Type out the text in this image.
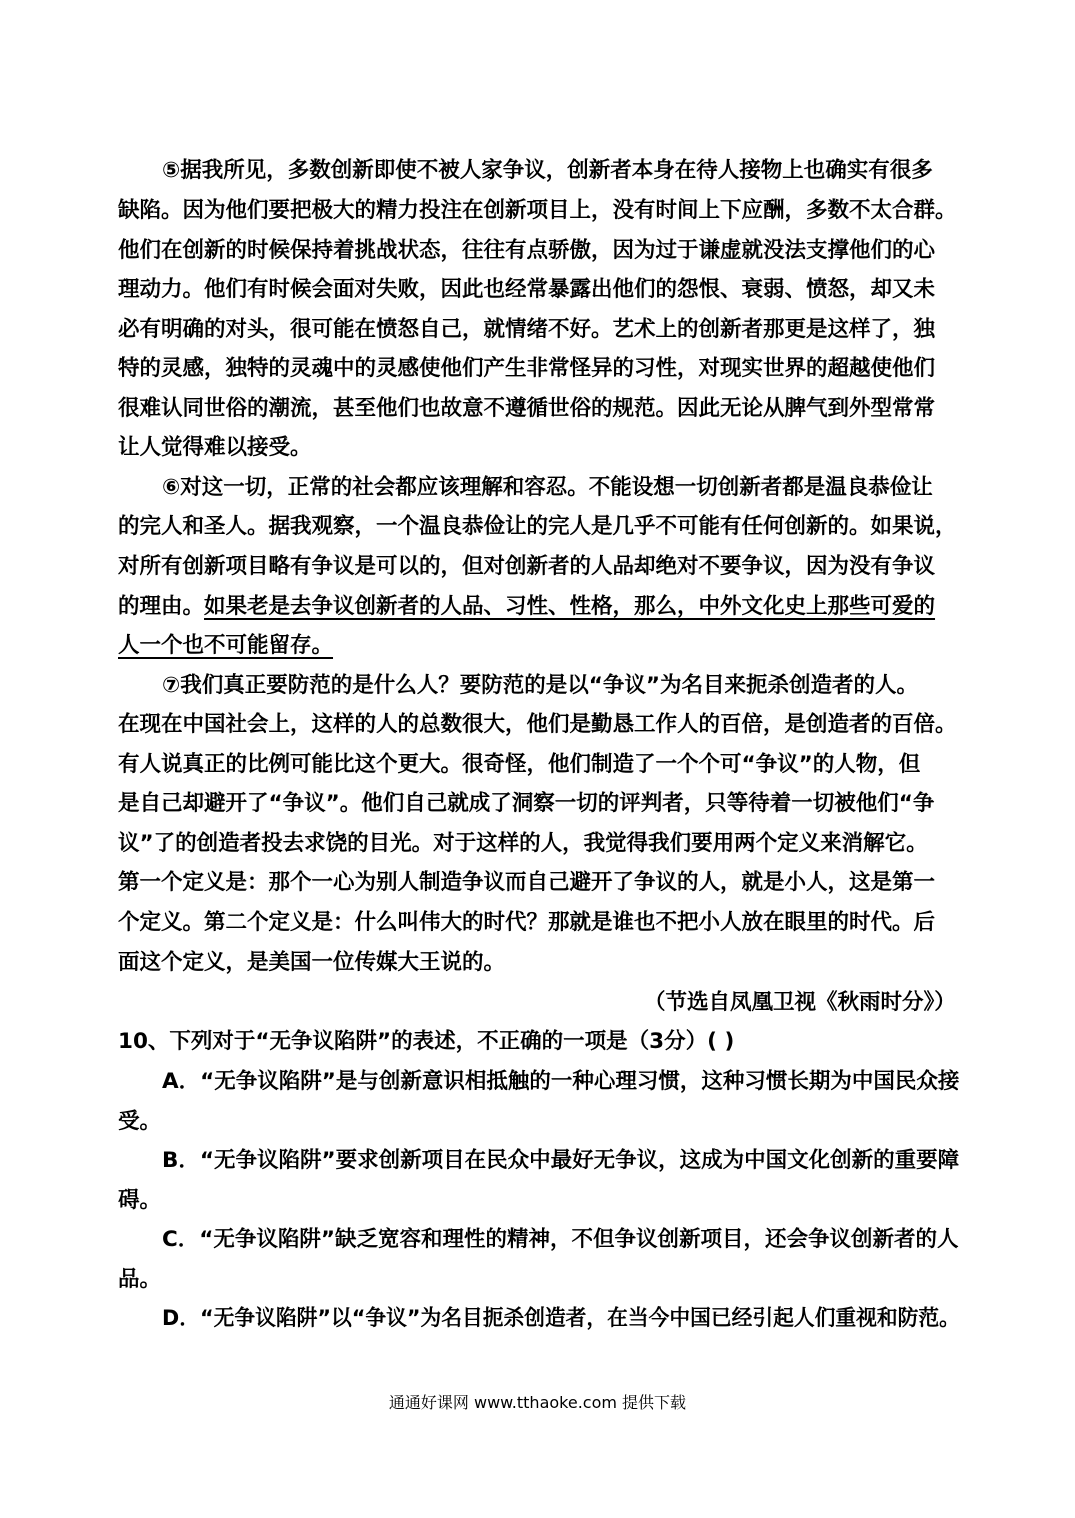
⑤据我所见，多数创新即使不被人家争议，创新者本身在待人接物上也确实有很多
缺陷。因为他们要把极大的精力投注在创新项目上，没有时间上下应酬，多数不太合群。
他们在创新的时候保持着挑战状态，往往有点骄傲，因为过于谦虚就没法支撑他们的心
理动力。他们有时候会面对失败，因此也经常暴露出他们的怨恨、衰弱、愤怒，却又未
必有明确的对头，很可能在愤怒自己，就情绪不好。艺术上的创新者那更是这样了，独
特的灵感，独特的灵魂中的灵感使他们产生非常怪异的习性，对现实世界的超越使他们
很难认同世俗的潮流，甚至他们也故意不遵循世俗的规范。因此无论从脾气到外型常常
让人觉得难以接受。
⑥对这一切，正常的社会都应该理解和容忍。不能设想一切创新者都是温良恭俭让
的完人和圣人。据我观察，一个温良恭俭让的完人是几乎不可能有任何创新的。如果说，
对所有创新项目略有争议是可以的，但对创新者的人品却绝对不要争议，因为没有争议
的理由。如果老是去争议创新者的人品、习性、性格，那么，中外文化史上那些可爱的
人一个也不可能留存。
⑦我们真正要防范的是什么人？要防范的是以“争议”为名目来扼杀创造者的人。
在现在中国社会上，这样的人的总数很大，他们是勤恳工作人的百倍，是创造者的百倍。
有人说真正的比例可能比这个更大。很奇怪，他们制造了一个个可“争议”的人物，但
是自己却避开了“争议”。他们自己就成了洞察一切的评判者，只等待着一切被他们“争
议”了的创造者投去求饶的目光。对于这样的人，我觉得我们要用两个定义来消解它。
第一个定义是：那个一心为别人制造争议而自己避开了争议的人，就是小人，这是第一
个定义。第二个定义是：什么叫伟大的时代？那就是谁也不把小人放在眼里的时代。后
面这个定义，是美国一位传媒大王说的。
（节选自凤凰卫视《秋雨时分》）
10、下列对于“无争议陷阱”的表述，不正确的一项是（3分）( )
A．“无争议陷阱”是与创新意识相抵触的一种心理习惯，这种习惯长期为中国民众接
受。
B．“无争议陷阱”要求创新项目在民众中最好无争议，这成为中国文化创新的重要障
碍。
C．“无争议陷阱”缺乏宽容和理性的精神，不但争议创新项目，还会争议创新者的人
品。
D．“无争议陷阱”以“争议”为名目扼杀创造者，在当今中国已经引起人们重视和防范。
通通好课网 www.tthaoke.com 提供下载
